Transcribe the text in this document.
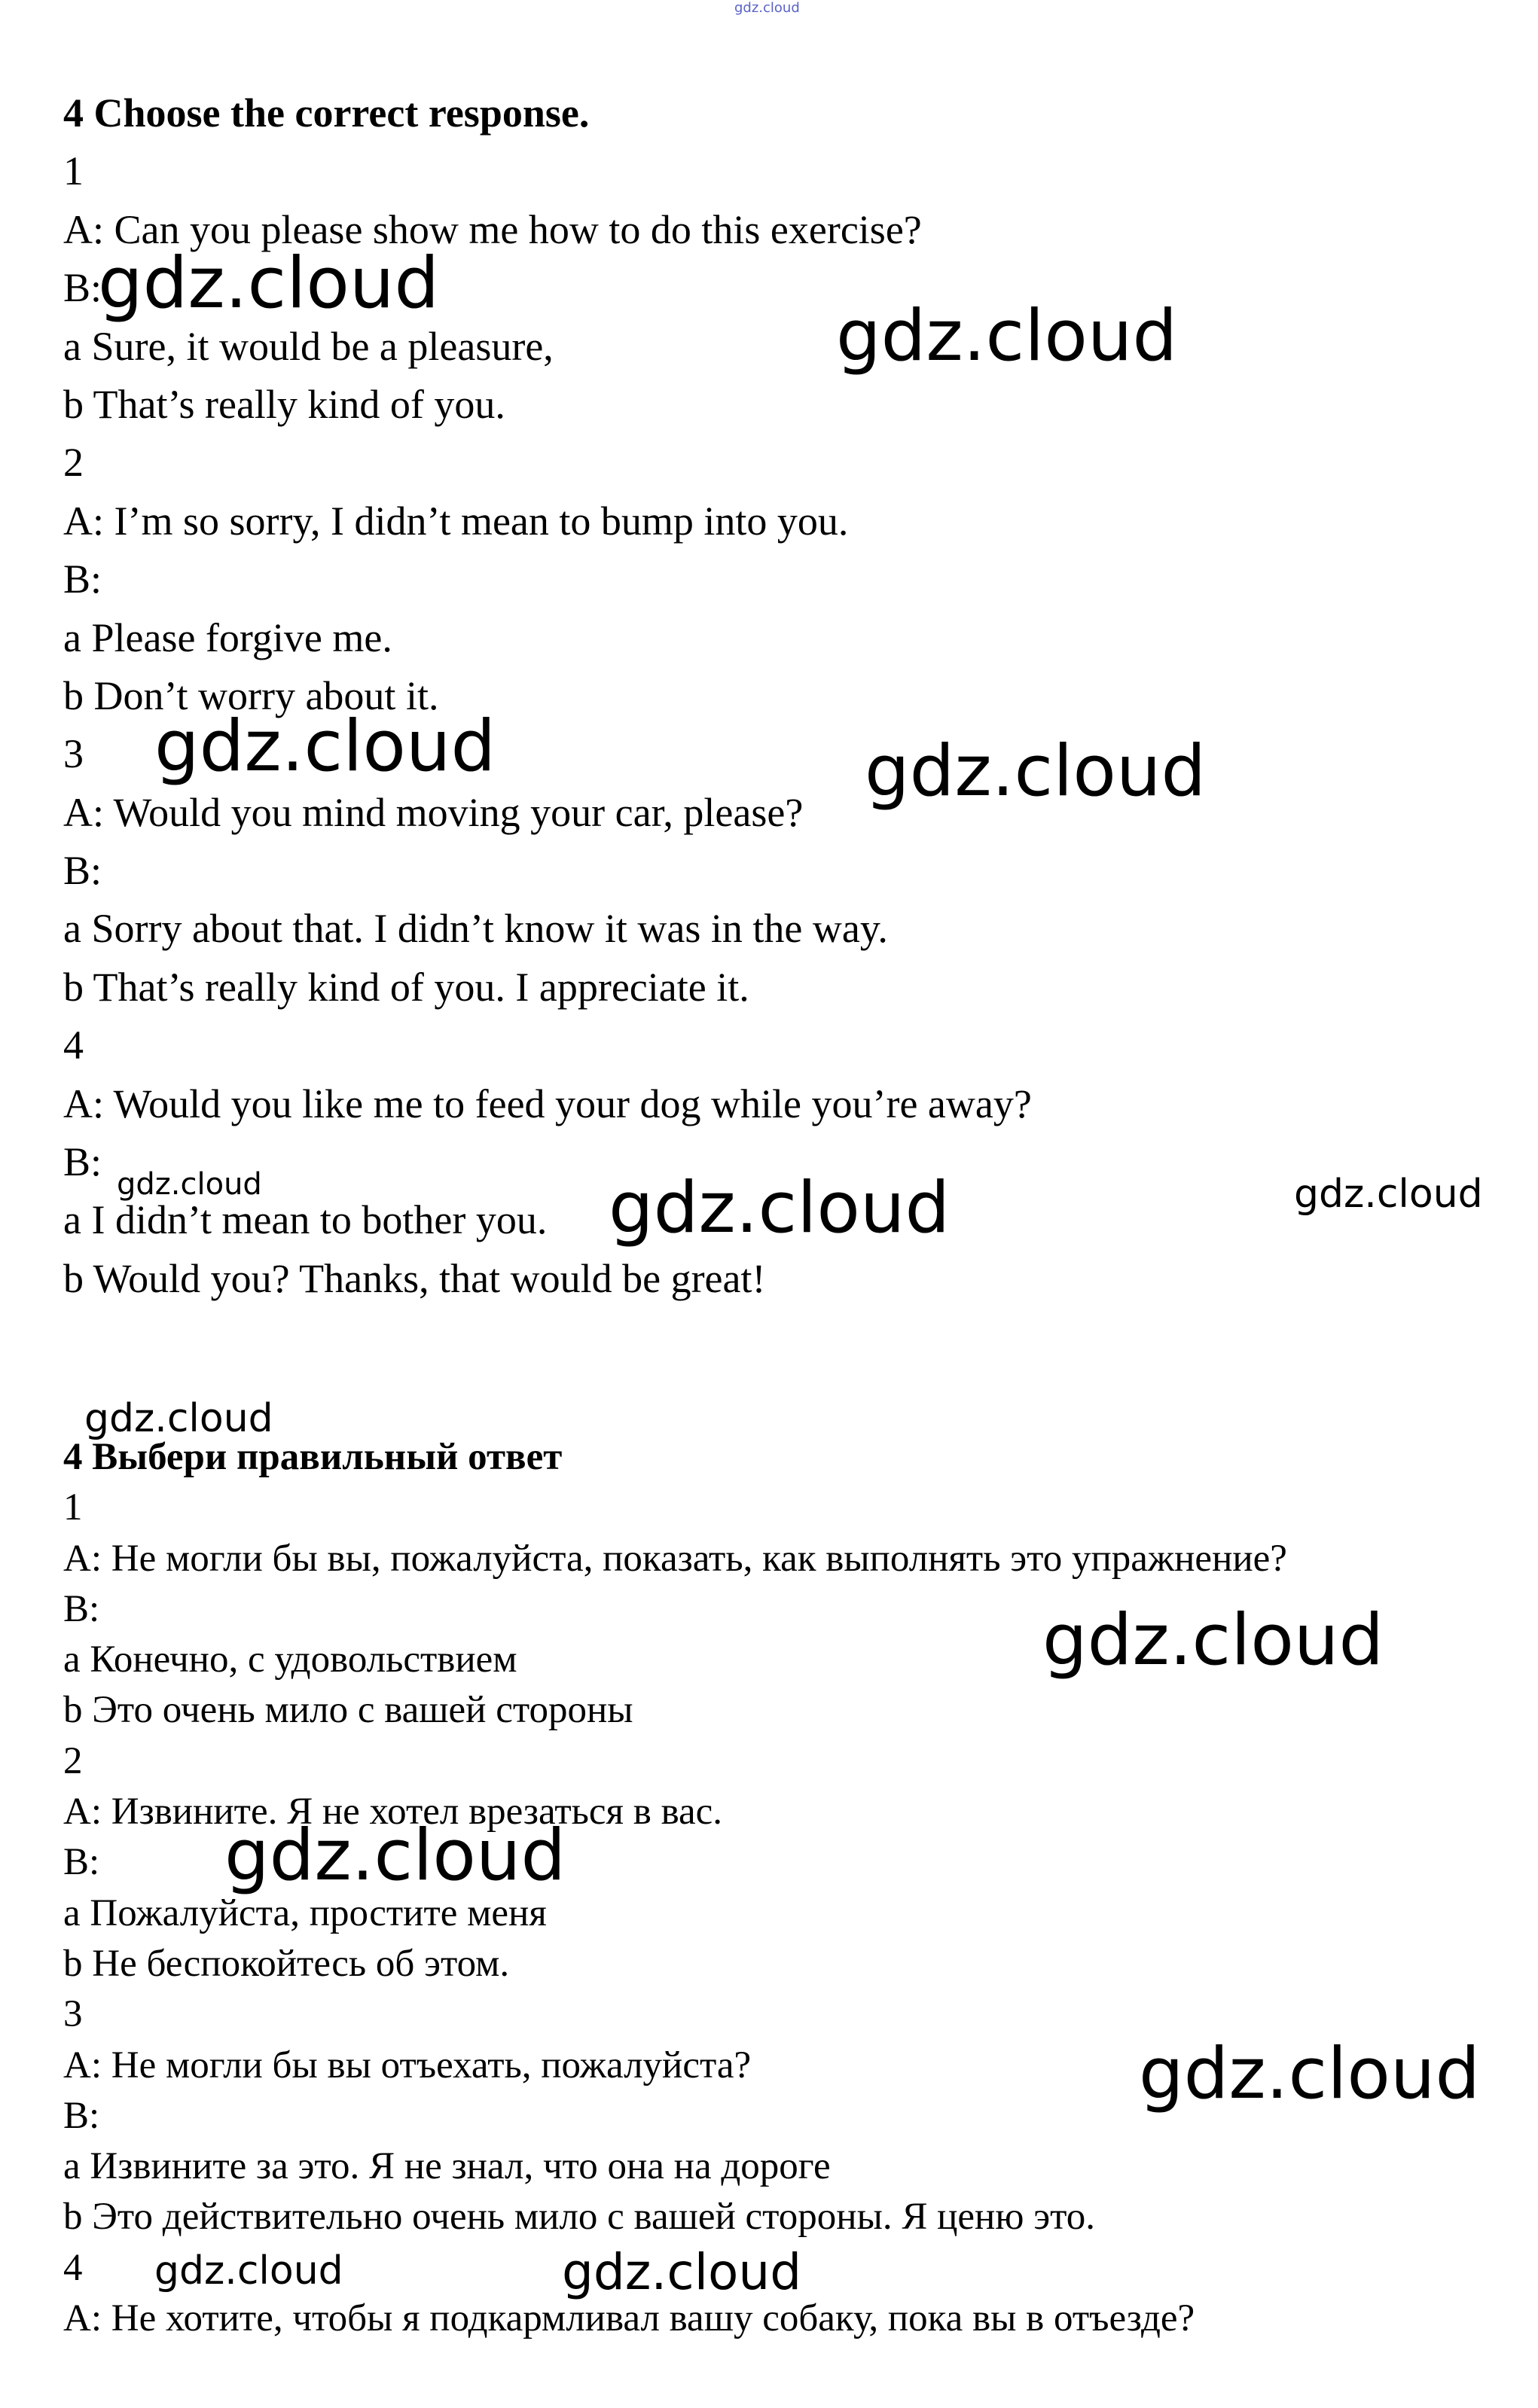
gdz.cloud
4 Choose the correct response.
1
A: Can you please show me how to do this exercise?
B:
a Sure, it would be a pleasure,
b That’s really kind of you.
2
A: I’m so sorry, I didn’t mean to bump into you.
B:
a Please forgive me.
b Don’t worry about it.
3
A: Would you mind moving your car, please?
B:
a Sorry about that. I didn’t know it was in the way.
b That’s really kind of you. I appreciate it.
4
A: Would you like me to feed your dog while you’re away?
B:
a I didn’t mean to bother you.
b Would you? Thanks, that would be great!
4 Выбери правильный ответ
1
A: Не могли бы вы, пожалуйста, показать, как выполнять это упражнение?
B:
a Конечно, с удовольствием
b Это очень мило с вашей стороны
2
A: Извините. Я не хотел врезаться в вас.
B:
a Пожалуйста, простите меня
b Не беспокойтесь об этом.
3
A: Не могли бы вы отъехать, пожалуйста?
B:
a Извините за это. Я не знал, что она на дороге
b Это действительно очень мило с вашей стороны. Я ценю это.
4
A: Не хотите, чтобы я подкармливал вашу собаку, пока вы в отъезде?
gdz.cloud
gdz.cloud
gdz.cloud	gdz.cloud
gdz.cloud	gdz.cloud	gdz.cloud
gdz.cloud
gdz.cloud
gdz.cloud
gdz.cloud
gdz.cloud	gdz.cloud
